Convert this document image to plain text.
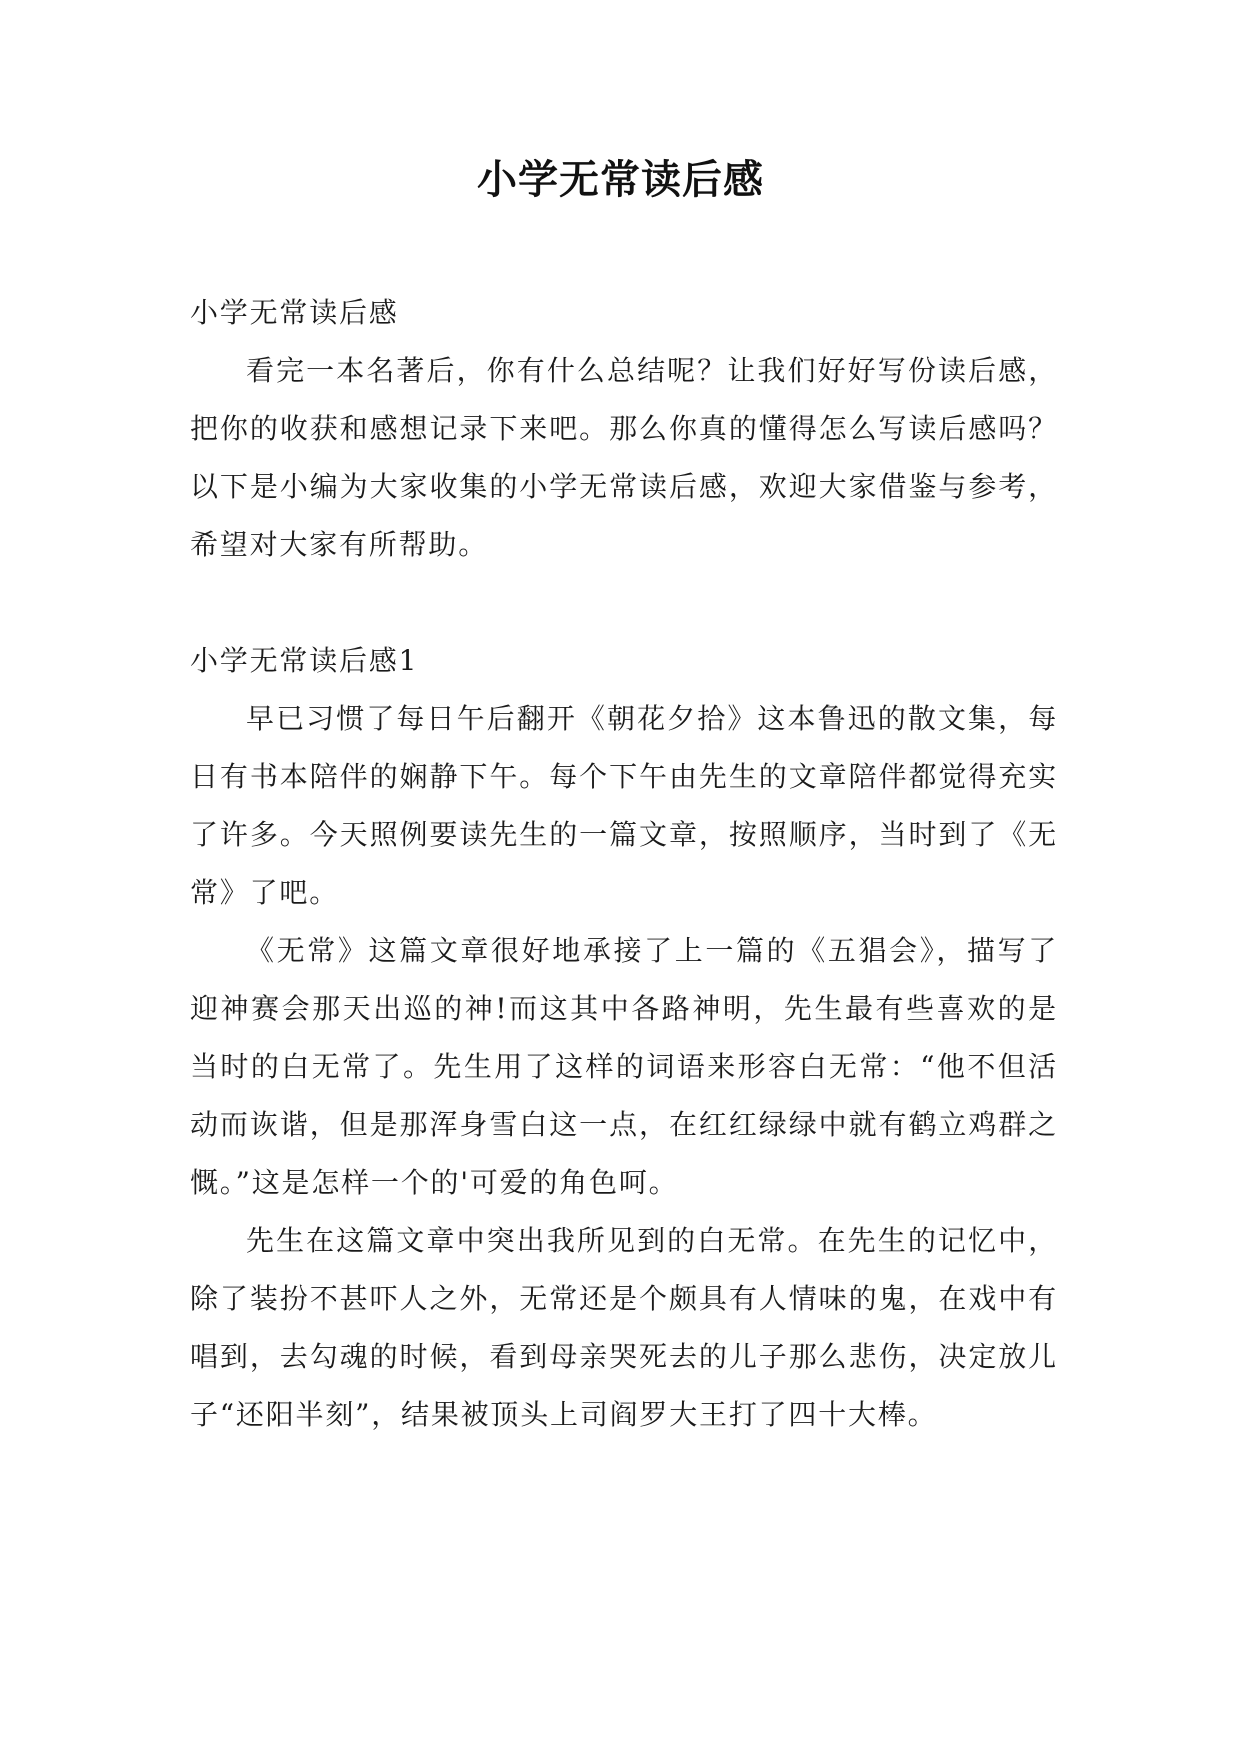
小学无常读后感

小学无常读后感

看完一本名著后，你有什么总结呢？让我们好好写份读后感，把你的收获和感想记录下来吧。那么你真的懂得怎么写读后感吗？以下是小编为大家收集的小学无常读后感，欢迎大家借鉴与参考，希望对大家有所帮助。

小学无常读后感1

早已习惯了每日午后翻开《朝花夕拾》这本鲁迅的散文集，每日有书本陪伴的娴静下午。每个下午由先生的文章陪伴都觉得充实了许多。今天照例要读先生的一篇文章，按照顺序，当时到了《无常》了吧。

《无常》这篇文章很好地承接了上一篇的《五猖会》，描写了迎神赛会那天出巡的神!而这其中各路神明，先生最有些喜欢的是当时的白无常了。先生用了这样的词语来形容白无常：“他不但活动而诙谐，但是那浑身雪白这一点，在红红绿绿中就有鹤立鸡群之慨。”这是怎样一个的'可爱的角色呵。

先生在这篇文章中突出我所见到的白无常。在先生的记忆中，除了装扮不甚吓人之外，无常还是个颇具有人情味的鬼，在戏中有唱到，去勾魂的时候，看到母亲哭死去的儿子那么悲伤，决定放儿子“还阳半刻”，结果被顶头上司阎罗大王打了四十大棒。
